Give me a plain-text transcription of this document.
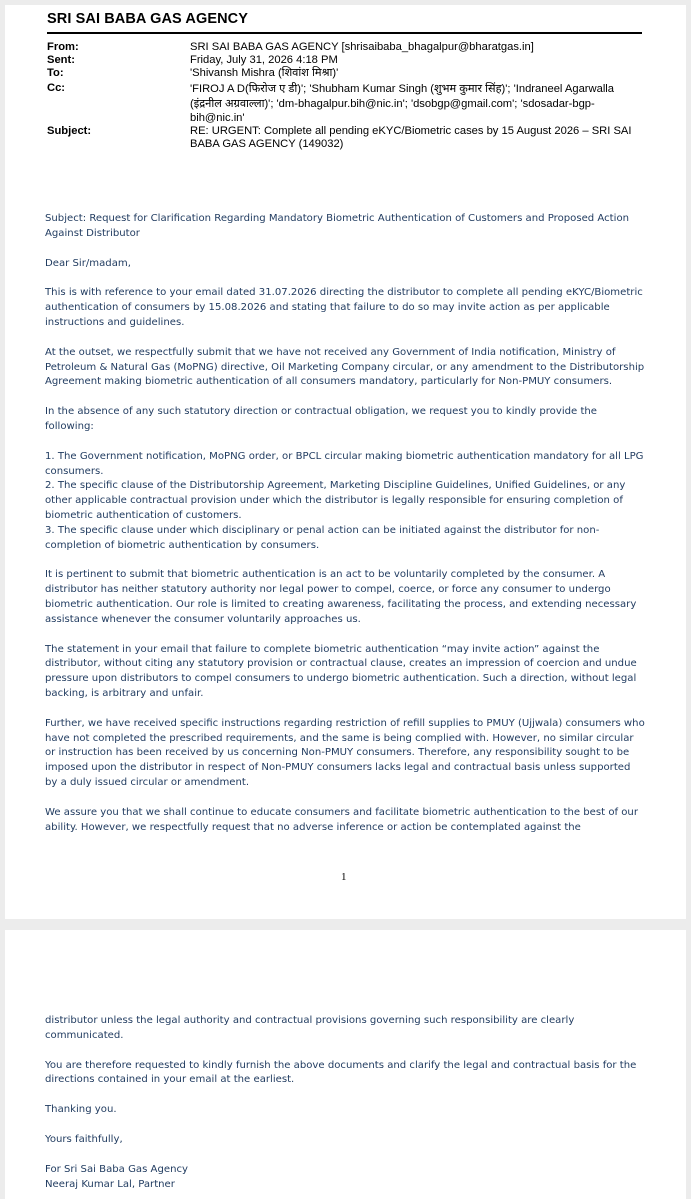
SRI SAI BABA GAS AGENCY
From:	SRI SAI BABA GAS AGENCY [shrisaibaba_bhagalpur@bharatgas.in]
Sent:	Friday, July 31, 2026 4:18 PM
To:	'Shivansh Mishra (शिवांश मिश्रा)'
Cc:	'FIROJ A D(फिरोज ए डी)'; 'Shubham Kumar Singh (शुभम कुमार सिंह)'; 'Indraneel Agarwalla (इंद्रनील अग्रवाल्ला)'; 'dm-bhagalpur.bih@nic.in'; 'dsobgp@gmail.com'; 'sdosadar-bgp-bih@nic.in'
Subject:	RE: URGENT: Complete all pending eKYC/Biometric cases by 15 August 2026 – SRI SAI BABA GAS AGENCY (149032)

Subject: Request for Clarification Regarding Mandatory Biometric Authentication of Customers and Proposed Action Against Distributor

Dear Sir/madam,

This is with reference to your email dated 31.07.2026 directing the distributor to complete all pending eKYC/Biometric authentication of consumers by 15.08.2026 and stating that failure to do so may invite action as per applicable instructions and guidelines.

At the outset, we respectfully submit that we have not received any Government of India notification, Ministry of Petroleum & Natural Gas (MoPNG) directive, Oil Marketing Company circular, or any amendment to the Distributorship Agreement making biometric authentication of all consumers mandatory, particularly for Non-PMUY consumers.

In the absence of any such statutory direction or contractual obligation, we request you to kindly provide the following:

1. The Government notification, MoPNG order, or BPCL circular making biometric authentication mandatory for all LPG consumers.

2. The specific clause of the Distributorship Agreement, Marketing Discipline Guidelines, Unified Guidelines, or any other applicable contractual provision under which the distributor is legally responsible for ensuring completion of biometric authentication of customers.

3. The specific clause under which disciplinary or penal action can be initiated against the distributor for non-completion of biometric authentication by consumers.

It is pertinent to submit that biometric authentication is an act to be voluntarily completed by the consumer. A distributor has neither statutory authority nor legal power to compel, coerce, or force any consumer to undergo biometric authentication. Our role is limited to creating awareness, facilitating the process, and extending necessary assistance whenever the consumer voluntarily approaches us.

The statement in your email that failure to complete biometric authentication “may invite action” against the distributor, without citing any statutory provision or contractual clause, creates an impression of coercion and undue pressure upon distributors to compel consumers to undergo biometric authentication. Such a direction, without legal backing, is arbitrary and unfair.

Further, we have received specific instructions regarding restriction of refill supplies to PMUY (Ujjwala) consumers who have not completed the prescribed requirements, and the same is being complied with. However, no similar circular or instruction has been received by us concerning Non-PMUY consumers. Therefore, any responsibility sought to be imposed upon the distributor in respect of Non-PMUY consumers lacks legal and contractual basis unless supported by a duly issued circular or amendment.

We assure you that we shall continue to educate consumers and facilitate biometric authentication to the best of our ability. However, we respectfully request that no adverse inference or action be contemplated against the

1

distributor unless the legal authority and contractual provisions governing such responsibility are clearly communicated.

You are therefore requested to kindly furnish the above documents and clarify the legal and contractual basis for the directions contained in your email at the earliest.

Thanking you.

Yours faithfully,

For Sri Sai Baba Gas Agency

Neeraj Kumar Lal, Partner
